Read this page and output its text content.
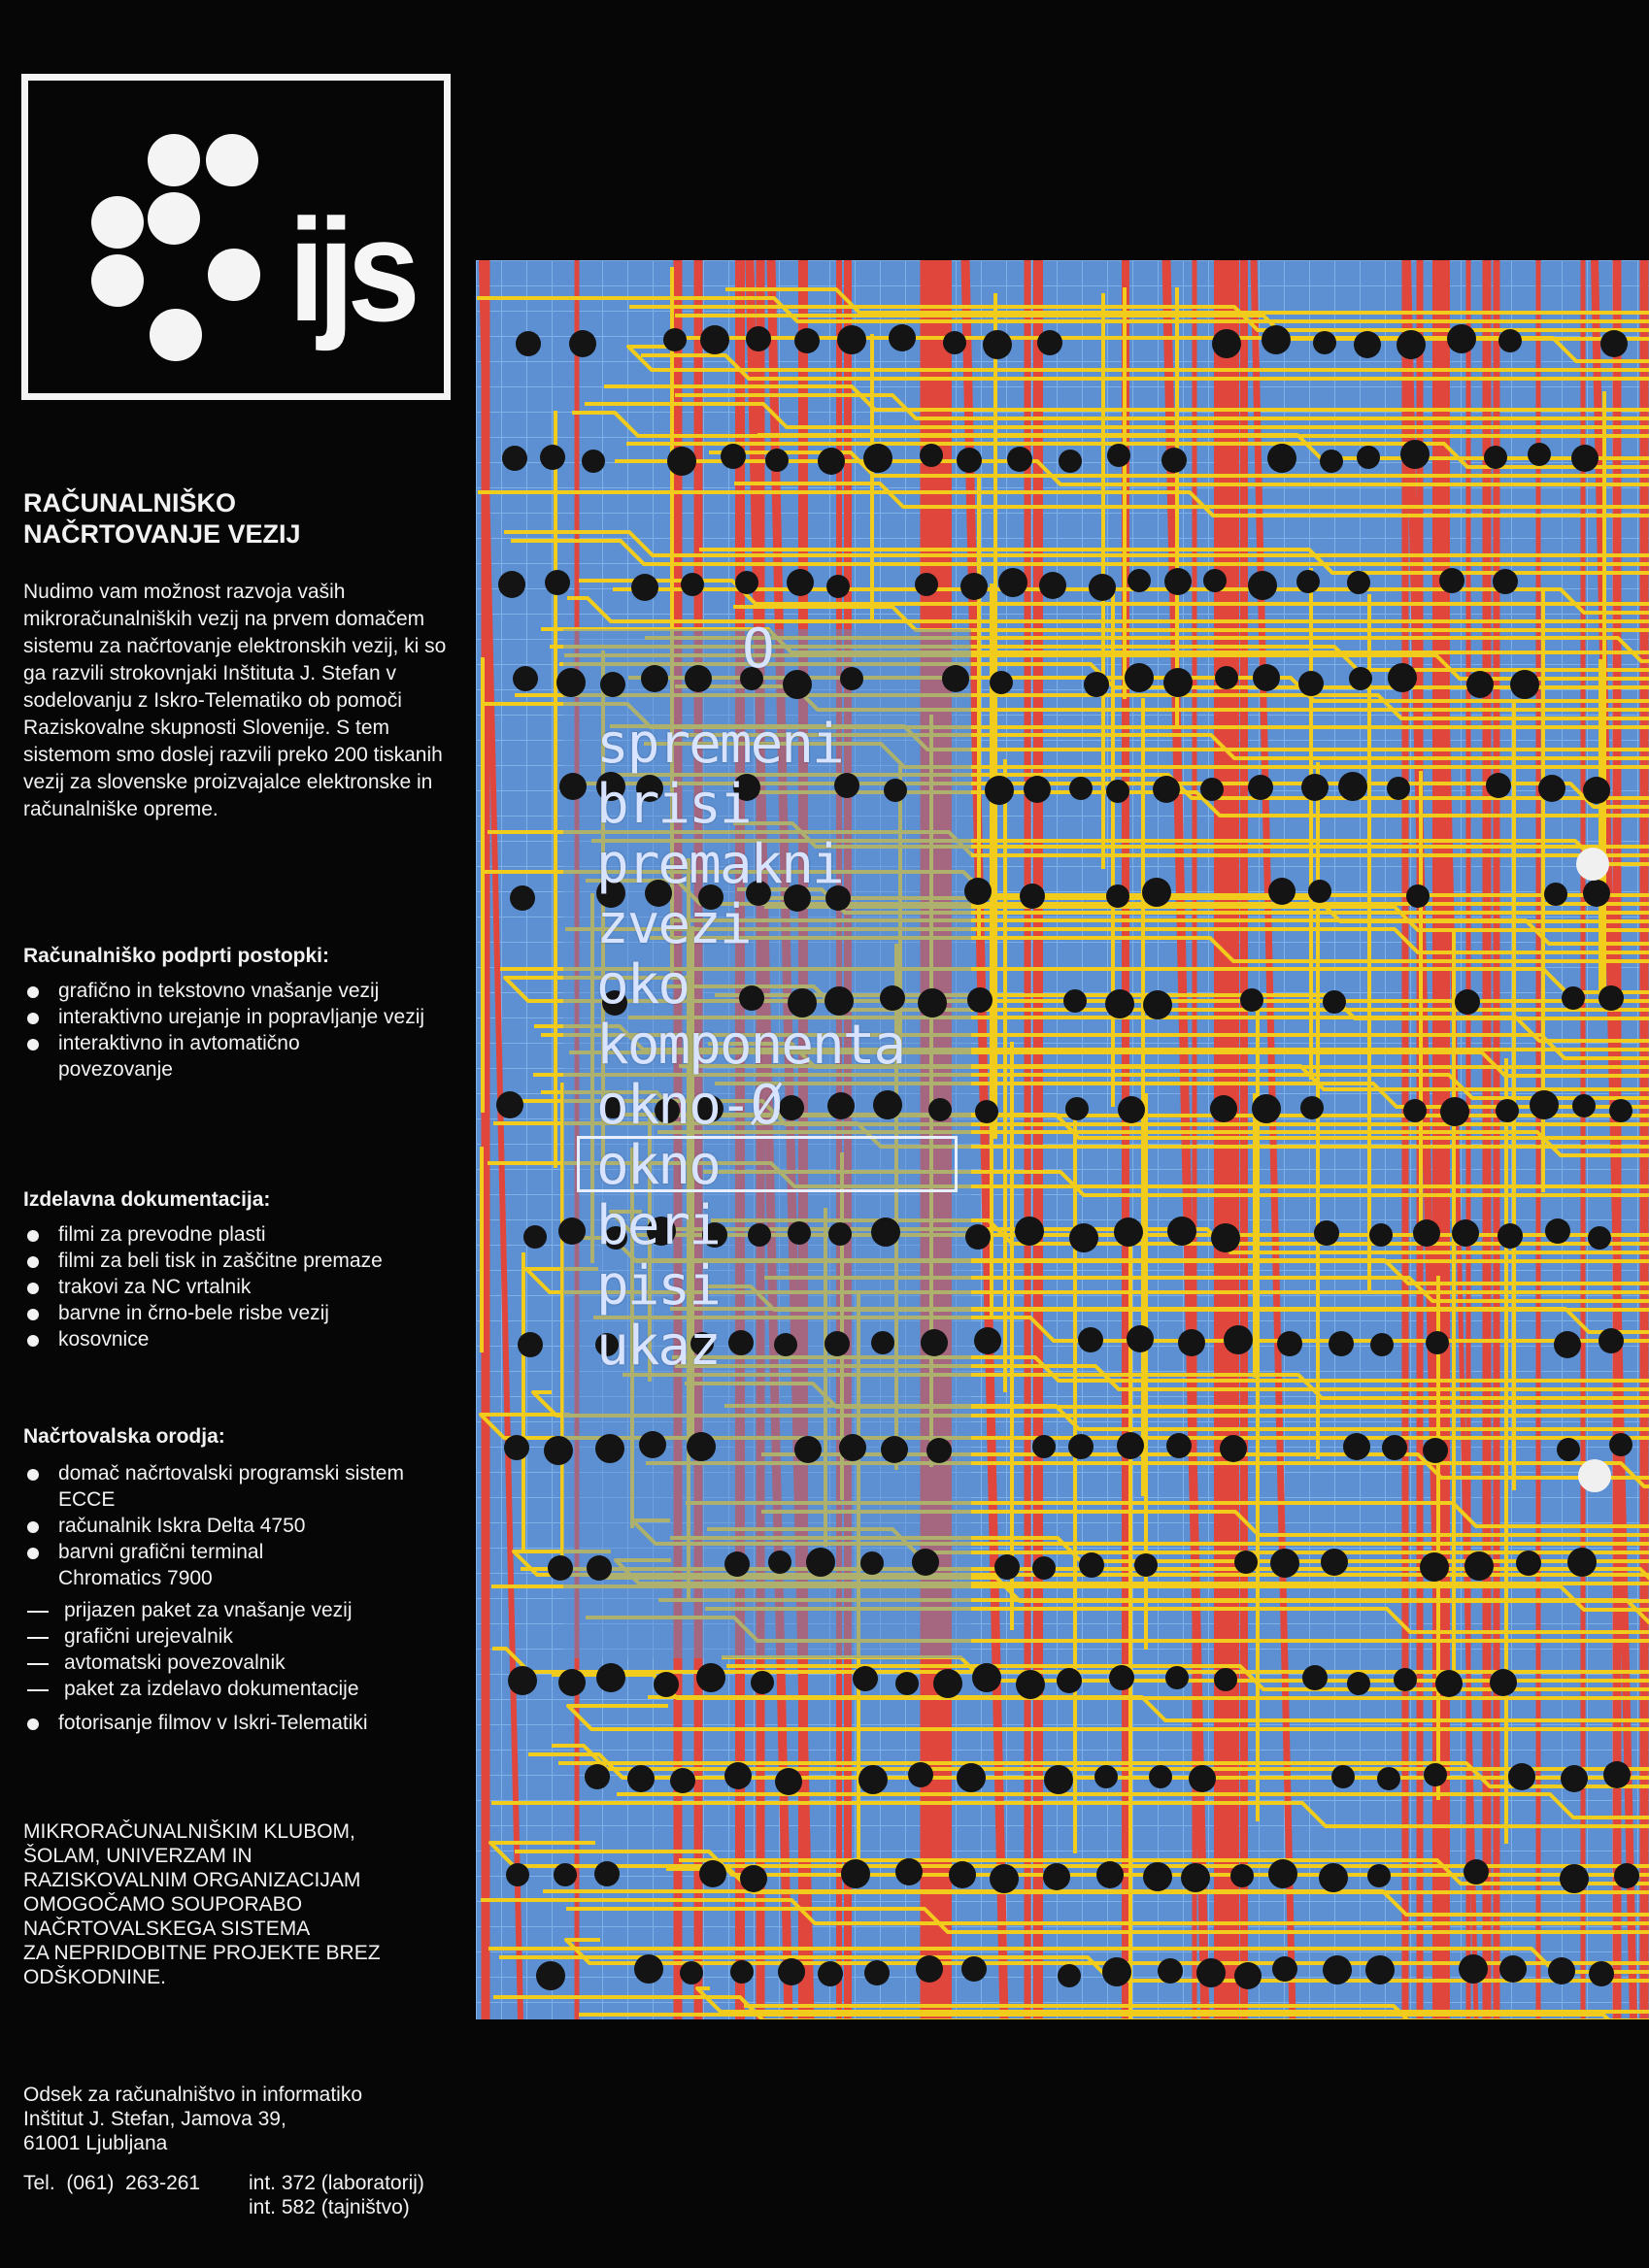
ijs
RAČUNALNIŠKO
NAČRTOVANJE VEZIJ
Nudimo vam možnost razvoja vaših mikroračunalniških vezij na prvem domačem sistemu za načrtovanje elektronskih vezij, ki so ga razvili strokovnjaki Inštituta J. Stefan v sodelovanju z Iskro-Telematiko ob pomoči Raziskovalne skupnosti Slovenije. S tem sistemom smo doslej razvili preko 200 tiskanih vezij za slovenske proizvajalce elektronske in računalniške opreme.
Računalniško podprti postopki:
grafično in tekstovno vnašanje vezij
interaktivno urejanje in popravljanje vezij
interaktivno in avtomatično povezovanje
Izdelavna dokumentacija:
filmi za prevodne plasti
filmi za beli tisk in zaščitne premaze
trakovi za NC vrtalnik
barvne in črno-bele risbe vezij
kosovnice
Načrtovalska orodja:
domač načrtovalski programski sistem ECCE
računalnik Iskra Delta 4750
barvni grafični terminal Chromatics 7900
prijazen paket za vnašanje vezij
grafični urejevalnik
avtomatski povezovalnik
paket za izdelavo dokumentacije
fotorisanje filmov v Iskri-Telematiki
MIKRORAČUNALNIŠKIM KLUBOM,
ŠOLAM, UNIVERZAM IN
RAZISKOVALNIM ORGANIZACIJAM
OMOGOČAMO SOUPORABO
NAČRTOVALSKEGA SISTEMA
ZA NEPRIDOBITNE PROJEKTE BREZ
ODŠKODNINE.
Odsek za računalništvo in informatiko
Inštitut J. Stefan, Jamova 39,
61001 Ljubljana
Tel.  (061)  263-261	int. 372 (laboratorij)
int. 582 (tajništvo)
O
spremeni
brisi
premakni
zvezi
oko
komponenta
okno-Ø
okno
beri
pisi
ukaz
